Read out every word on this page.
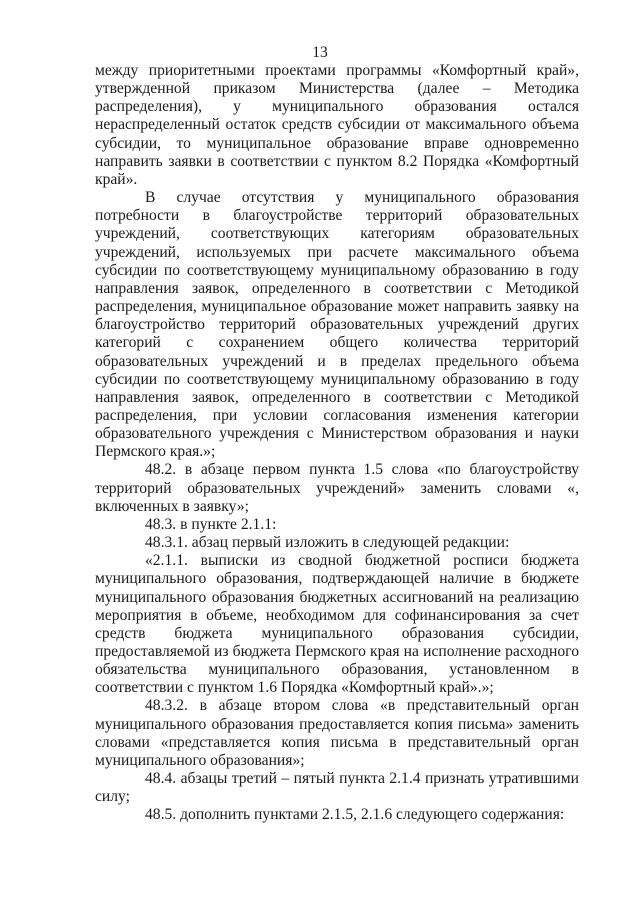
13

между приоритетными проектами программы «Комфортный край», утвержденной приказом Министерства (далее – Методика распределения), у муниципального образования остался нераспределенный остаток средств субсидии от максимального объема субсидии, то муниципальное образование вправе одновременно направить заявки в соответствии с пунктом 8.2 Порядка «Комфортный край».

В случае отсутствия у муниципального образования потребности в благоустройстве территорий образовательных учреждений, соответствующих категориям образовательных учреждений, используемых при расчете максимального объема субсидии по соответствующему муниципальному образованию в году направления заявок, определенного в соответствии с Методикой распределения, муниципальное образование может направить заявку на благоустройство территорий образовательных учреждений других категорий с сохранением общего количества территорий образовательных учреждений и в пределах предельного объема субсидии по соответствующему муниципальному образованию в году направления заявок, определенного в соответствии с Методикой распределения, при условии согласования изменения категории образовательного учреждения с Министерством образования и науки Пермского края.»;

48.2. в абзаце первом пункта 1.5 слова «по благоустройству территорий образовательных учреждений» заменить словами «, включенных в заявку»;

48.3. в пункте 2.1.1:

48.3.1. абзац первый изложить в следующей редакции:

«2.1.1. выписки из сводной бюджетной росписи бюджета муниципального образования, подтверждающей наличие в бюджете муниципального образования бюджетных ассигнований на реализацию мероприятия в объеме, необходимом для софинансирования за счет средств бюджета муниципального образования субсидии, предоставляемой из бюджета Пермского края на исполнение расходного обязательства муниципального образования, установленном в соответствии с пунктом 1.6 Порядка «Комфортный край».»;

48.3.2. в абзаце втором слова «в представительный орган муниципального образования предоставляется копия письма» заменить словами «представляется копия письма в представительный орган муниципального образования»;

48.4. абзацы третий – пятый пункта 2.1.4 признать утратившими силу;

48.5. дополнить пунктами 2.1.5, 2.1.6 следующего содержания:
